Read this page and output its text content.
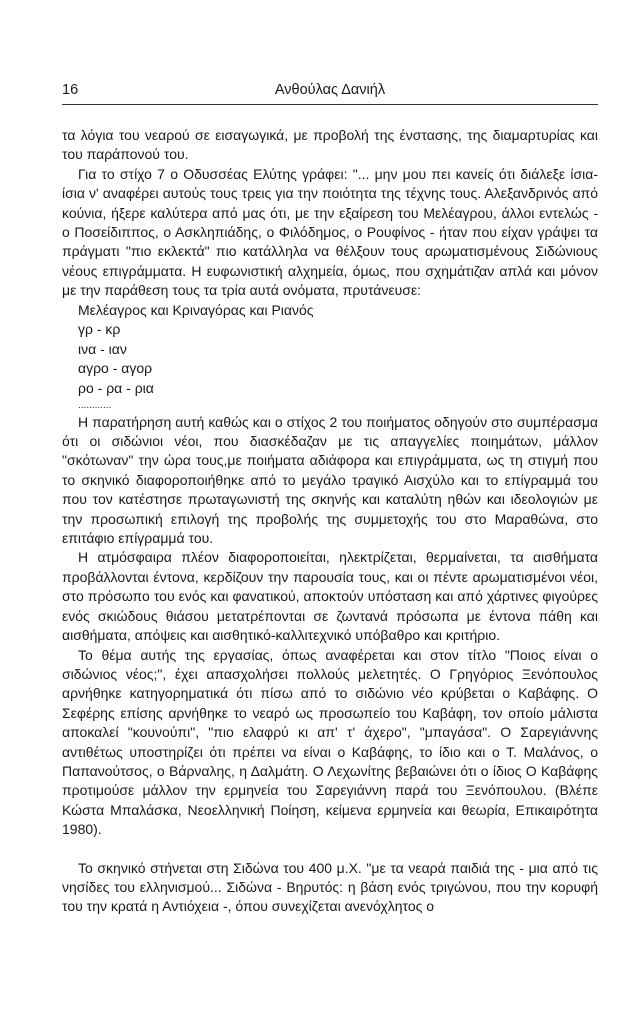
16	Ανθούλας Δανιήλ

τα λόγια του νεαρού σε εισαγωγικά, με προβολή της ένστασης, της διαμαρτυρίας και του παράπονού του.

Για το στίχο 7 ο Οδυσσέας Ελύτης γράφει: "... μην μου πει κανείς ότι διάλεξε ίσια-ίσια ν' αναφέρει αυτούς τους τρεις για την ποιότητα της τέχνης τους. Αλεξανδρινός από κούνια, ήξερε καλύτερα από μας ότι, με την εξαίρεση του Μελέαγρου, άλλοι εντελώς - ο Ποσείδιππος, ο Ασκληπιάδης, ο Φιλόδημος, ο Ρουφίνος - ήταν που είχαν γράψει τα πράγματι "πιο εκλεκτά" πιο κατάλληλα να θέλξουν τους αρωματισμένους Σιδώνιους νέους επιγράμματα. Η ευφωνιστική αλχημεία, όμως, που σχημάτιζαν απλά και μόνον με την παράθεση τους τα τρία αυτά ονόματα, πρυτάνευσε:

Μελέαγρος και Κριναγόρας και Ριανός
γρ - κρ
ινα - ιαν
αγρο - αγορ
ρο - ρα - ρια
............

Η παρατήρηση αυτή καθώς και ο στίχος 2 του ποιήματος οδηγούν στο συμπέρασμα ότι οι σιδώνιοι νέοι, που διασκέδαζαν με τις απαγγελίες ποιημάτων, μάλλον "σκότωναν" την ώρα τους,με ποιήματα αδιάφορα και επιγράμματα, ως τη στιγμή που το σκηνικό διαφοροποιήθηκε από το μεγάλο τραγικό Αισχύλο και το επίγραμμά του που τον κατέστησε πρωταγωνιστή της σκηνής και καταλύτη ηθών και ιδεολογιών με την προσωπική επιλογή της προβολής της συμμετοχής του στο Μαραθώνα, στο επιτάφιο επίγραμμά του.

Η ατμόσφαιρα πλέον διαφοροποιείται, ηλεκτρίζεται, θερμαίνεται, τα αισθήματα προβάλλονται έντονα, κερδίζουν την παρουσία τους, και οι πέντε αρωματισμένοι νέοι, στο πρόσωπο του ενός και φανατικού, αποκτούν υπόσταση και από χάρτινες φιγούρες ενός σκιώδους θιάσου μετατρέπονται σε ζωντανά πρόσωπα με έντονα πάθη και αισθήματα, απόψεις και αισθητικό-καλλιτεχνικό υπόβαθρο και κριτήριο.

Το θέμα αυτής της εργασίας, όπως αναφέρεται και στον τίτλο "Ποιος είναι ο σιδώνιος νέος;", έχει απασχολήσει πολλούς μελετητές. Ο Γρηγόριος Ξενόπουλος αρνήθηκε κατηγορηματικά ότι πίσω από το σιδώνιο νέο κρύβεται ο Καβάφης. Ο Σεφέρης επίσης αρνήθηκε το νεαρό ως προσωπείο του Καβάφη, τον οποίο μάλιστα αποκαλεί "κουνούπι", "πιο ελαφρύ κι απ' τ' άχερο", "μπαγάσα". Ο Σαρεγιάννης αντιθέτως υποστηρίζει ότι πρέπει να είναι ο Καβάφης, το ίδιο και ο Τ. Μαλάνος, ο Παπανούτσος, ο Βάρναλης, η Δαλμάτη. Ο Λεχωνίτης βεβαιώνει ότι ο ίδιος Ο Καβάφης προτιμούσε μάλλον την ερμηνεία του Σαρεγιάννη παρά του Ξενόπουλου. (Βλέπε Κώστα Μπαλάσκα, Νεοελληνική Ποίηση, κείμενα ερμηνεία και θεωρία, Επικαιρότητα 1980).

Το σκηνικό στήνεται στη Σιδώνα του 400 μ.Χ. "με τα νεαρά παιδιά της - μια από τις νησίδες του ελληνισμού... Σιδώνα - Βηρυτός: η βάση ενός τριγώνου, που την κορυφή του την κρατά η Αντιόχεια -, όπου συνεχίζεται ανενόχλητος ο
